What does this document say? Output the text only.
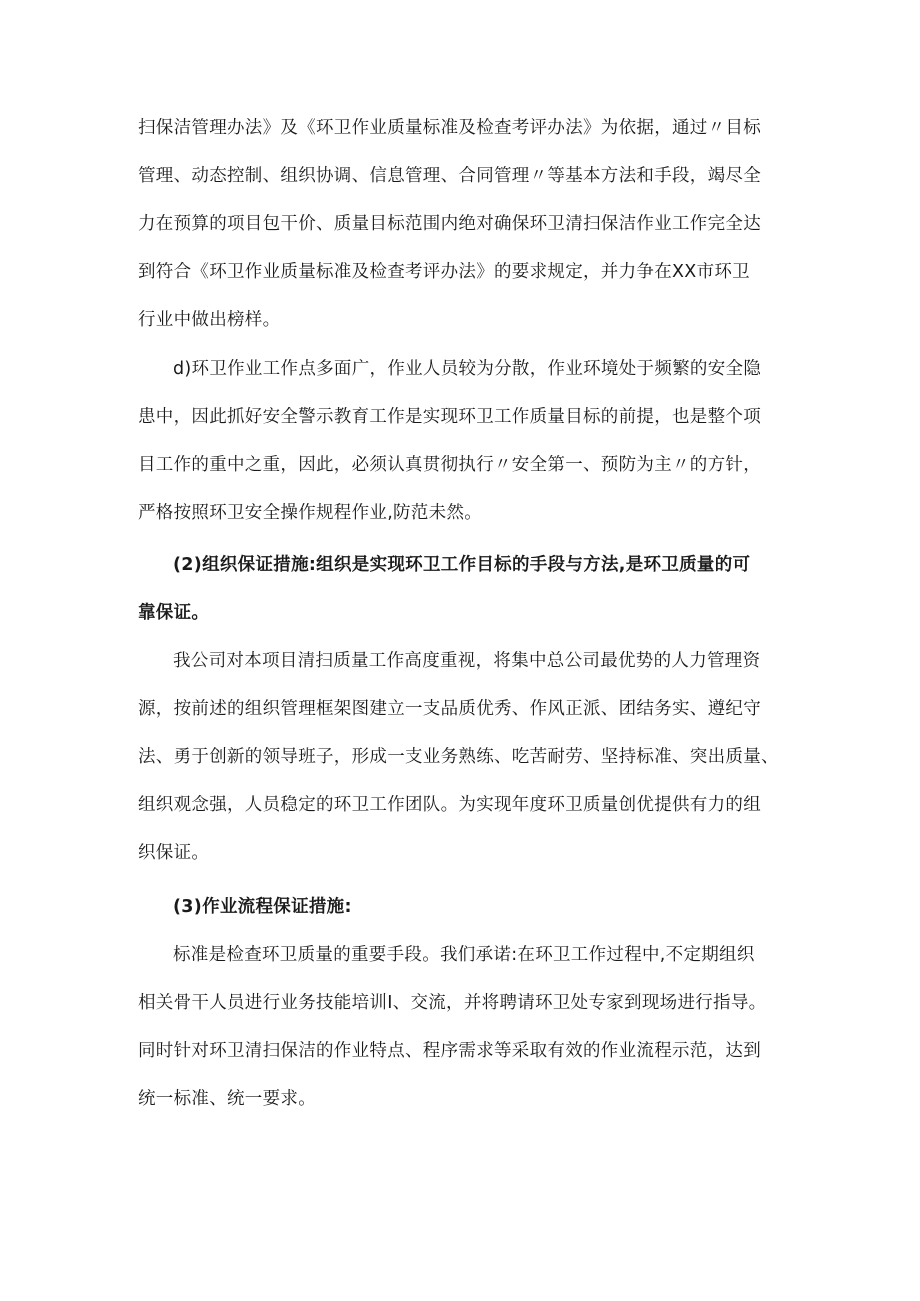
扫保洁管理办法》及《环卫作业质量标准及检查考评办法》为依据，通过〃目标
管理、动态控制、组织协调、信息管理、合同管理〃等基本方法和手段，竭尽全
力在预算的项目包干价、质量目标范围内绝对确保环卫清扫保洁作业工作完全达
到符合《环卫作业质量标准及检查考评办法》的要求规定，并力争在XX市环卫
行业中做出榜样。
d)环卫作业工作点多面广，作业人员较为分散，作业环境处于频繁的安全隐
患中，因此抓好安全警示教育工作是实现环卫工作质量目标的前提，也是整个项
目工作的重中之重，因此，必须认真贯彻执行〃安全第一、预防为主〃的方针，
严格按照环卫安全操作规程作业,防范未然。
(2)组织保证措施:组织是实现环卫工作目标的手段与方法,是环卫质量的可
靠保证。
我公司对本项目清扫质量工作高度重视，将集中总公司最优势的人力管理资
源，按前述的组织管理框架图建立一支品质优秀、作风正派、团结务实、遵纪守
法、勇于创新的领导班子，形成一支业务熟练、吃苦耐劳、坚持标准、突出质量、
组织观念强，人员稳定的环卫工作团队。为实现年度环卫质量创优提供有力的组
织保证。
(3)作业流程保证措施:
标准是检查环卫质量的重要手段。我们承诺:在环卫工作过程中,不定期组织
相关骨干人员进行业务技能培训I、交流，并将聘请环卫处专家到现场进行指导。
同时针对环卫清扫保洁的作业特点、程序需求等采取有效的作业流程示范，达到
统一标准、统一要求。
